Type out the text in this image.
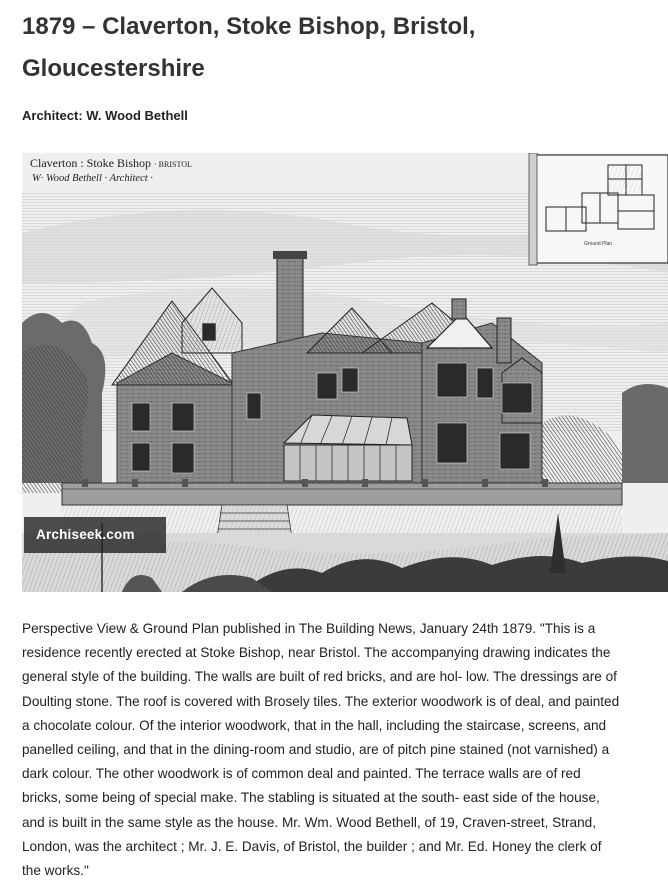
1879 – Claverton, Stoke Bishop, Bristol,
Gloucestershire
Architect: W. Wood Bethell
Claverton : Stoke Bishop · BRISTOL
W· Wood Bethell · Architect ·
Ground Plan
Archiseek.com
Perspective View & Ground Plan published in The Building News, January 24th 1879. "This is a
residence recently erected at Stoke Bishop, near Bristol. The accompanying drawing indicates the
general style of the building. The walls are built of red bricks, and are hol- low. The dressings are of
Doulting stone. The roof is covered with Brosely tiles. The exterior woodwork is of deal, and painted
a chocolate colour. Of the interior woodwork, that in the hall, including the staircase, screens, and
panelled ceiling, and that in the dining-room and studio, are of pitch pine stained (not varnished) a
dark colour. The other woodwork is of common deal and painted. The terrace walls are of red
bricks, some being of special make. The stabling is situated at the south- east side of the house,
and is built in the same style as the house. Mr. Wm. Wood Bethell, of 19, Craven-street, Strand,
London, was the architect ; Mr. J. E. Davis, of Bristol, the builder ; and Mr. Ed. Honey the clerk of
the works."
